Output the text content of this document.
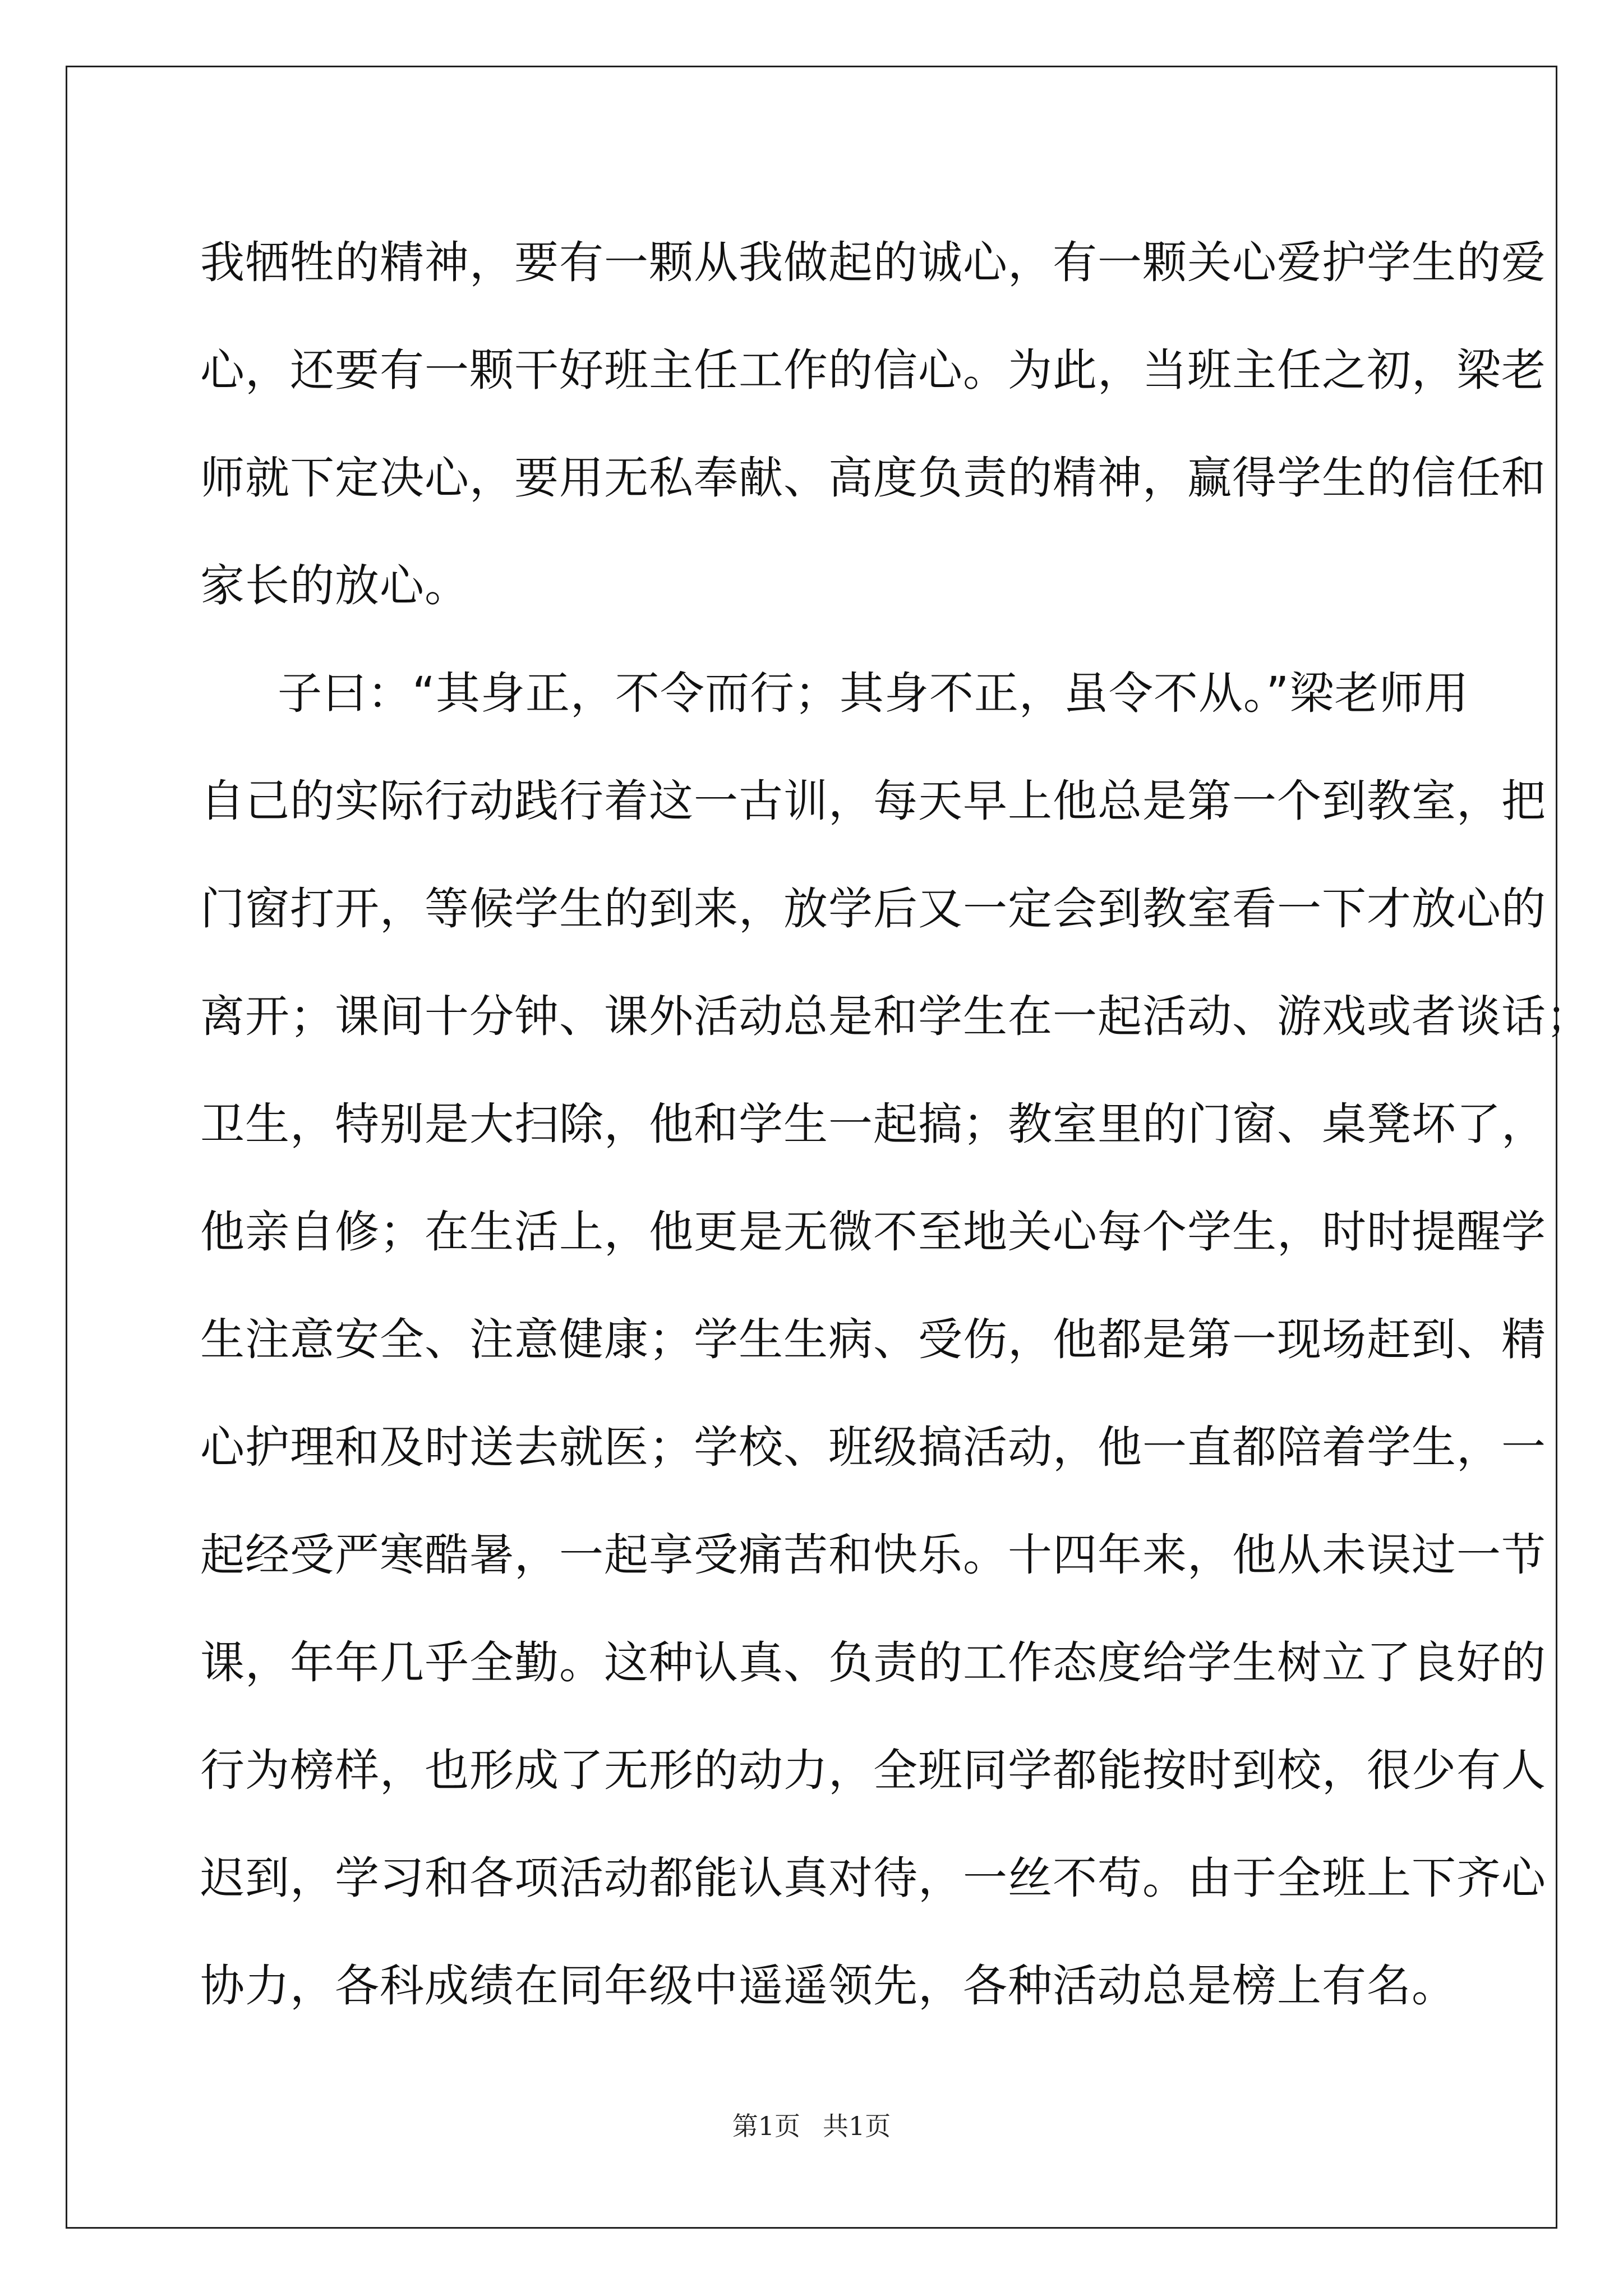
我牺牲的精神，要有一颗从我做起的诚心，有一颗关心爱护学生的爱
心，还要有一颗干好班主任工作的信心。为此，当班主任之初，梁老
师就下定决心，要用无私奉献、高度负责的精神，赢得学生的信任和
家长的放心。
子曰：“其身正，不令而行；其身不正，虽令不从。”梁老师用
自己的实际行动践行着这一古训，每天早上他总是第一个到教室，把
门窗打开，等候学生的到来，放学后又一定会到教室看一下才放心的
离开；课间十分钟、课外活动总是和学生在一起活动、游戏或者谈话；
卫生，特别是大扫除，他和学生一起搞；教室里的门窗、桌凳坏了，
他亲自修；在生活上，他更是无微不至地关心每个学生，时时提醒学
生注意安全、注意健康；学生生病、受伤，他都是第一现场赶到、精
心护理和及时送去就医；学校、班级搞活动，他一直都陪着学生，一
起经受严寒酷暑，一起享受痛苦和快乐。十四年来，他从未误过一节
课，年年几乎全勤。这种认真、负责的工作态度给学生树立了良好的
行为榜样，也形成了无形的动力，全班同学都能按时到校，很少有人
迟到，学习和各项活动都能认真对待，一丝不苟。由于全班上下齐心
协力，各科成绩在同年级中遥遥领先，各种活动总是榜上有名。
第1页 共1页
